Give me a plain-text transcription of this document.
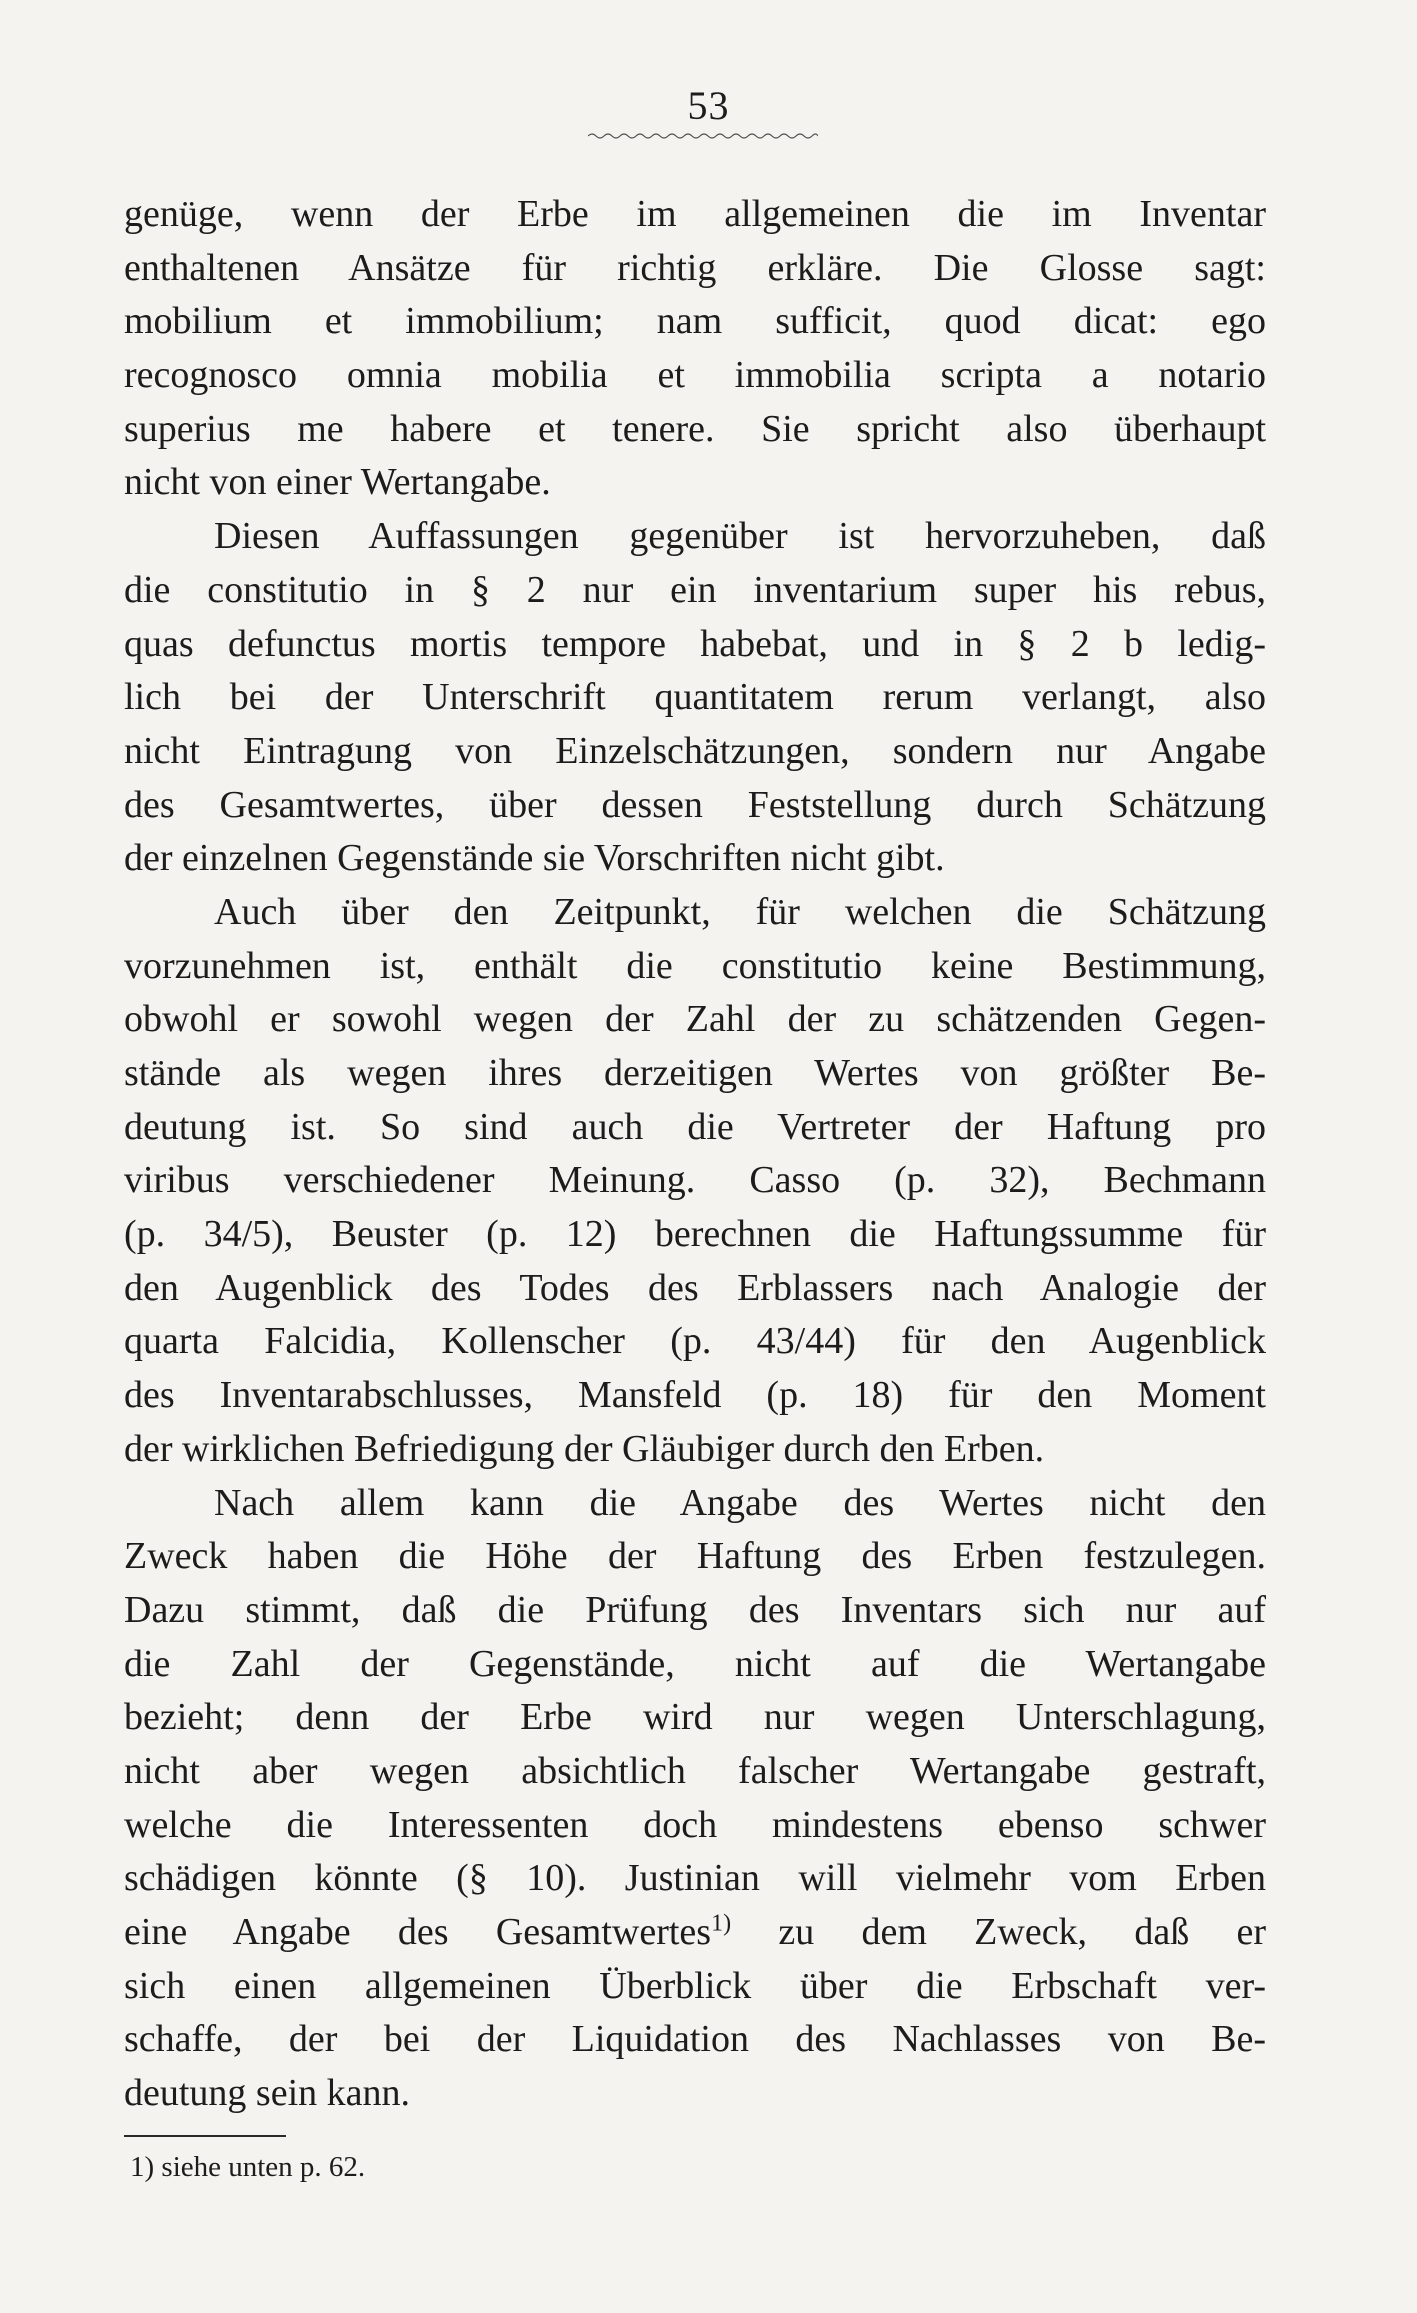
53
genüge, wenn der Erbe im allgemeinen die im Inventar
enthaltenen Ansätze für richtig erkläre. Die Glosse sagt:
mobilium et immobilium; nam sufficit, quod dicat: ego
recognosco omnia mobilia et immobilia scripta a notario
superius me habere et tenere. Sie spricht also überhaupt
nicht von einer Wertangabe.
Diesen Auffassungen gegenüber ist hervorzuheben, daß
die constitutio in § 2 nur ein inventarium super his rebus,
quas defunctus mortis tempore habebat, und in § 2 b ledig-
lich bei der Unterschrift quantitatem rerum verlangt, also
nicht Eintragung von Einzelschätzungen, sondern nur Angabe
des Gesamtwertes, über dessen Feststellung durch Schätzung
der einzelnen Gegenstände sie Vorschriften nicht gibt.
Auch über den Zeitpunkt, für welchen die Schätzung
vorzunehmen ist, enthält die constitutio keine Bestimmung,
obwohl er sowohl wegen der Zahl der zu schätzenden Gegen-
stände als wegen ihres derzeitigen Wertes von größter Be-
deutung ist. So sind auch die Vertreter der Haftung pro
viribus verschiedener Meinung. Casso (p. 32), Bechmann
(p. 34/5), Beuster (p. 12) berechnen die Haftungssumme für
den Augenblick des Todes des Erblassers nach Analogie der
quarta Falcidia, Kollenscher (p. 43/44) für den Augenblick
des Inventarabschlusses, Mansfeld (p. 18) für den Moment
der wirklichen Befriedigung der Gläubiger durch den Erben.
Nach allem kann die Angabe des Wertes nicht den
Zweck haben die Höhe der Haftung des Erben festzulegen.
Dazu stimmt, daß die Prüfung des Inventars sich nur auf
die Zahl der Gegenstände, nicht auf die Wertangabe
bezieht; denn der Erbe wird nur wegen Unterschlagung,
nicht aber wegen absichtlich falscher Wertangabe gestraft,
welche die Interessenten doch mindestens ebenso schwer
schädigen könnte (§ 10). Justinian will vielmehr vom Erben
eine Angabe des Gesamtwertes$^{1)}$ zu dem Zweck, daß er
sich einen allgemeinen Überblick über die Erbschaft ver-
schaffe, der bei der Liquidation des Nachlasses von Be-
deutung sein kann.
1) siehe unten p. 62.
